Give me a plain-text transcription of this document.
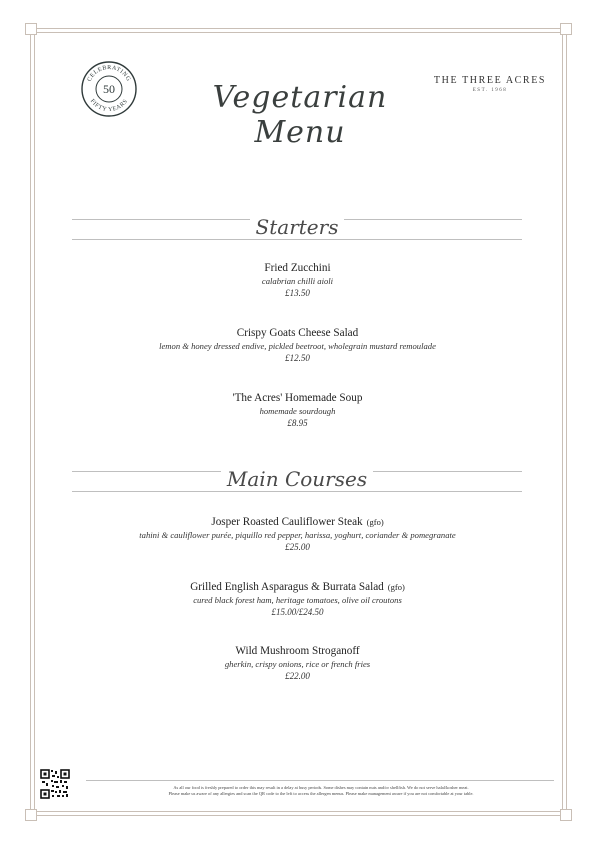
CELEBRATING
FIFTY YEARS
50	Vegetarian Menu
THE THREE ACRES
EST. 1968
Starters
Fried Zucchini
calabrian chilli aioli
£13.50
Crispy Goats Cheese Salad
lemon & honey dressed endive, pickled beetroot, wholegrain mustard remoulade
£12.50
'The Acres' Homemade Soup
homemade sourdough
£8.95
Main Courses
Josper Roasted Cauliflower Steak (gfo)
tahini & cauliflower purée, piquillo red pepper, harissa, yoghurt, coriander & pomegranate
£25.00
Grilled English Asparagus & Burrata Salad (gfo)
cured black forest ham, heritage tomatoes, olive oil croutons
£15.00/£24.50
Wild Mushroom Stroganoff
gherkin, crispy onions, rice or french fries
£22.00
As all our food is freshly prepared to order this may result in a delay at busy periods. Some dishes may contain nuts and/or shellfish. We do not serve halal/kosher meat.
Please make us aware of any allergies and scan the QR code to the left to access the allergen menus. Please make management aware if you are not comfortable at your table.
